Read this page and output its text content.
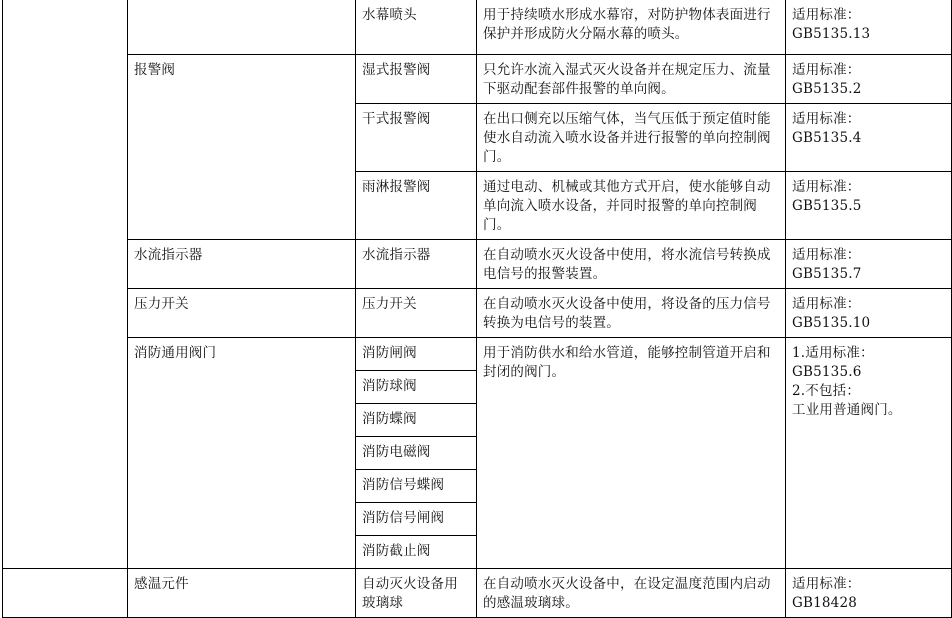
		水幕喷头	用于持续喷水形成水幕帘，对防护物体表面进行保护并形成防火分隔水幕的喷头。	适用标准：
GB5135.13

	报警阀	湿式报警阀	只允许水流入湿式灭火设备并在规定压力、流量下驱动配套部件报警的单向阀。	适用标准：
GB5135.2

		干式报警阀	在出口侧充以压缩气体，当气压低于预定值时能使水自动流入喷水设备并进行报警的单向控制阀门。	适用标准：
GB5135.4

		雨淋报警阀	通过电动、机械或其他方式开启，使水能够自动单向流入喷水设备，并同时报警的单向控制阀门。	适用标准：
GB5135.5

	水流指示器	水流指示器	在自动喷水灭火设备中使用，将水流信号转换成电信号的报警装置。	适用标准：
GB5135.7

	压力开关	压力开关	在自动喷水灭火设备中使用，将设备的压力信号转换为电信号的装置。	适用标准：
GB5135.10

	消防通用阀门	消防闸阀	用于消防供水和给水管道，能够控制管道开启和封闭的阀门。	1.适用标准：
GB5135.6
2.不包括：
工业用普通阀门。

		消防球阀		
		消防蝶阀		
		消防电磁阀		
		消防信号蝶阀		
		消防信号闸阀		
		消防截止阀		
	感温元件	自动灭火设备用玻璃球	在自动喷水灭火设备中，在设定温度范围内启动的感温玻璃球。	适用标准：
GB18428
